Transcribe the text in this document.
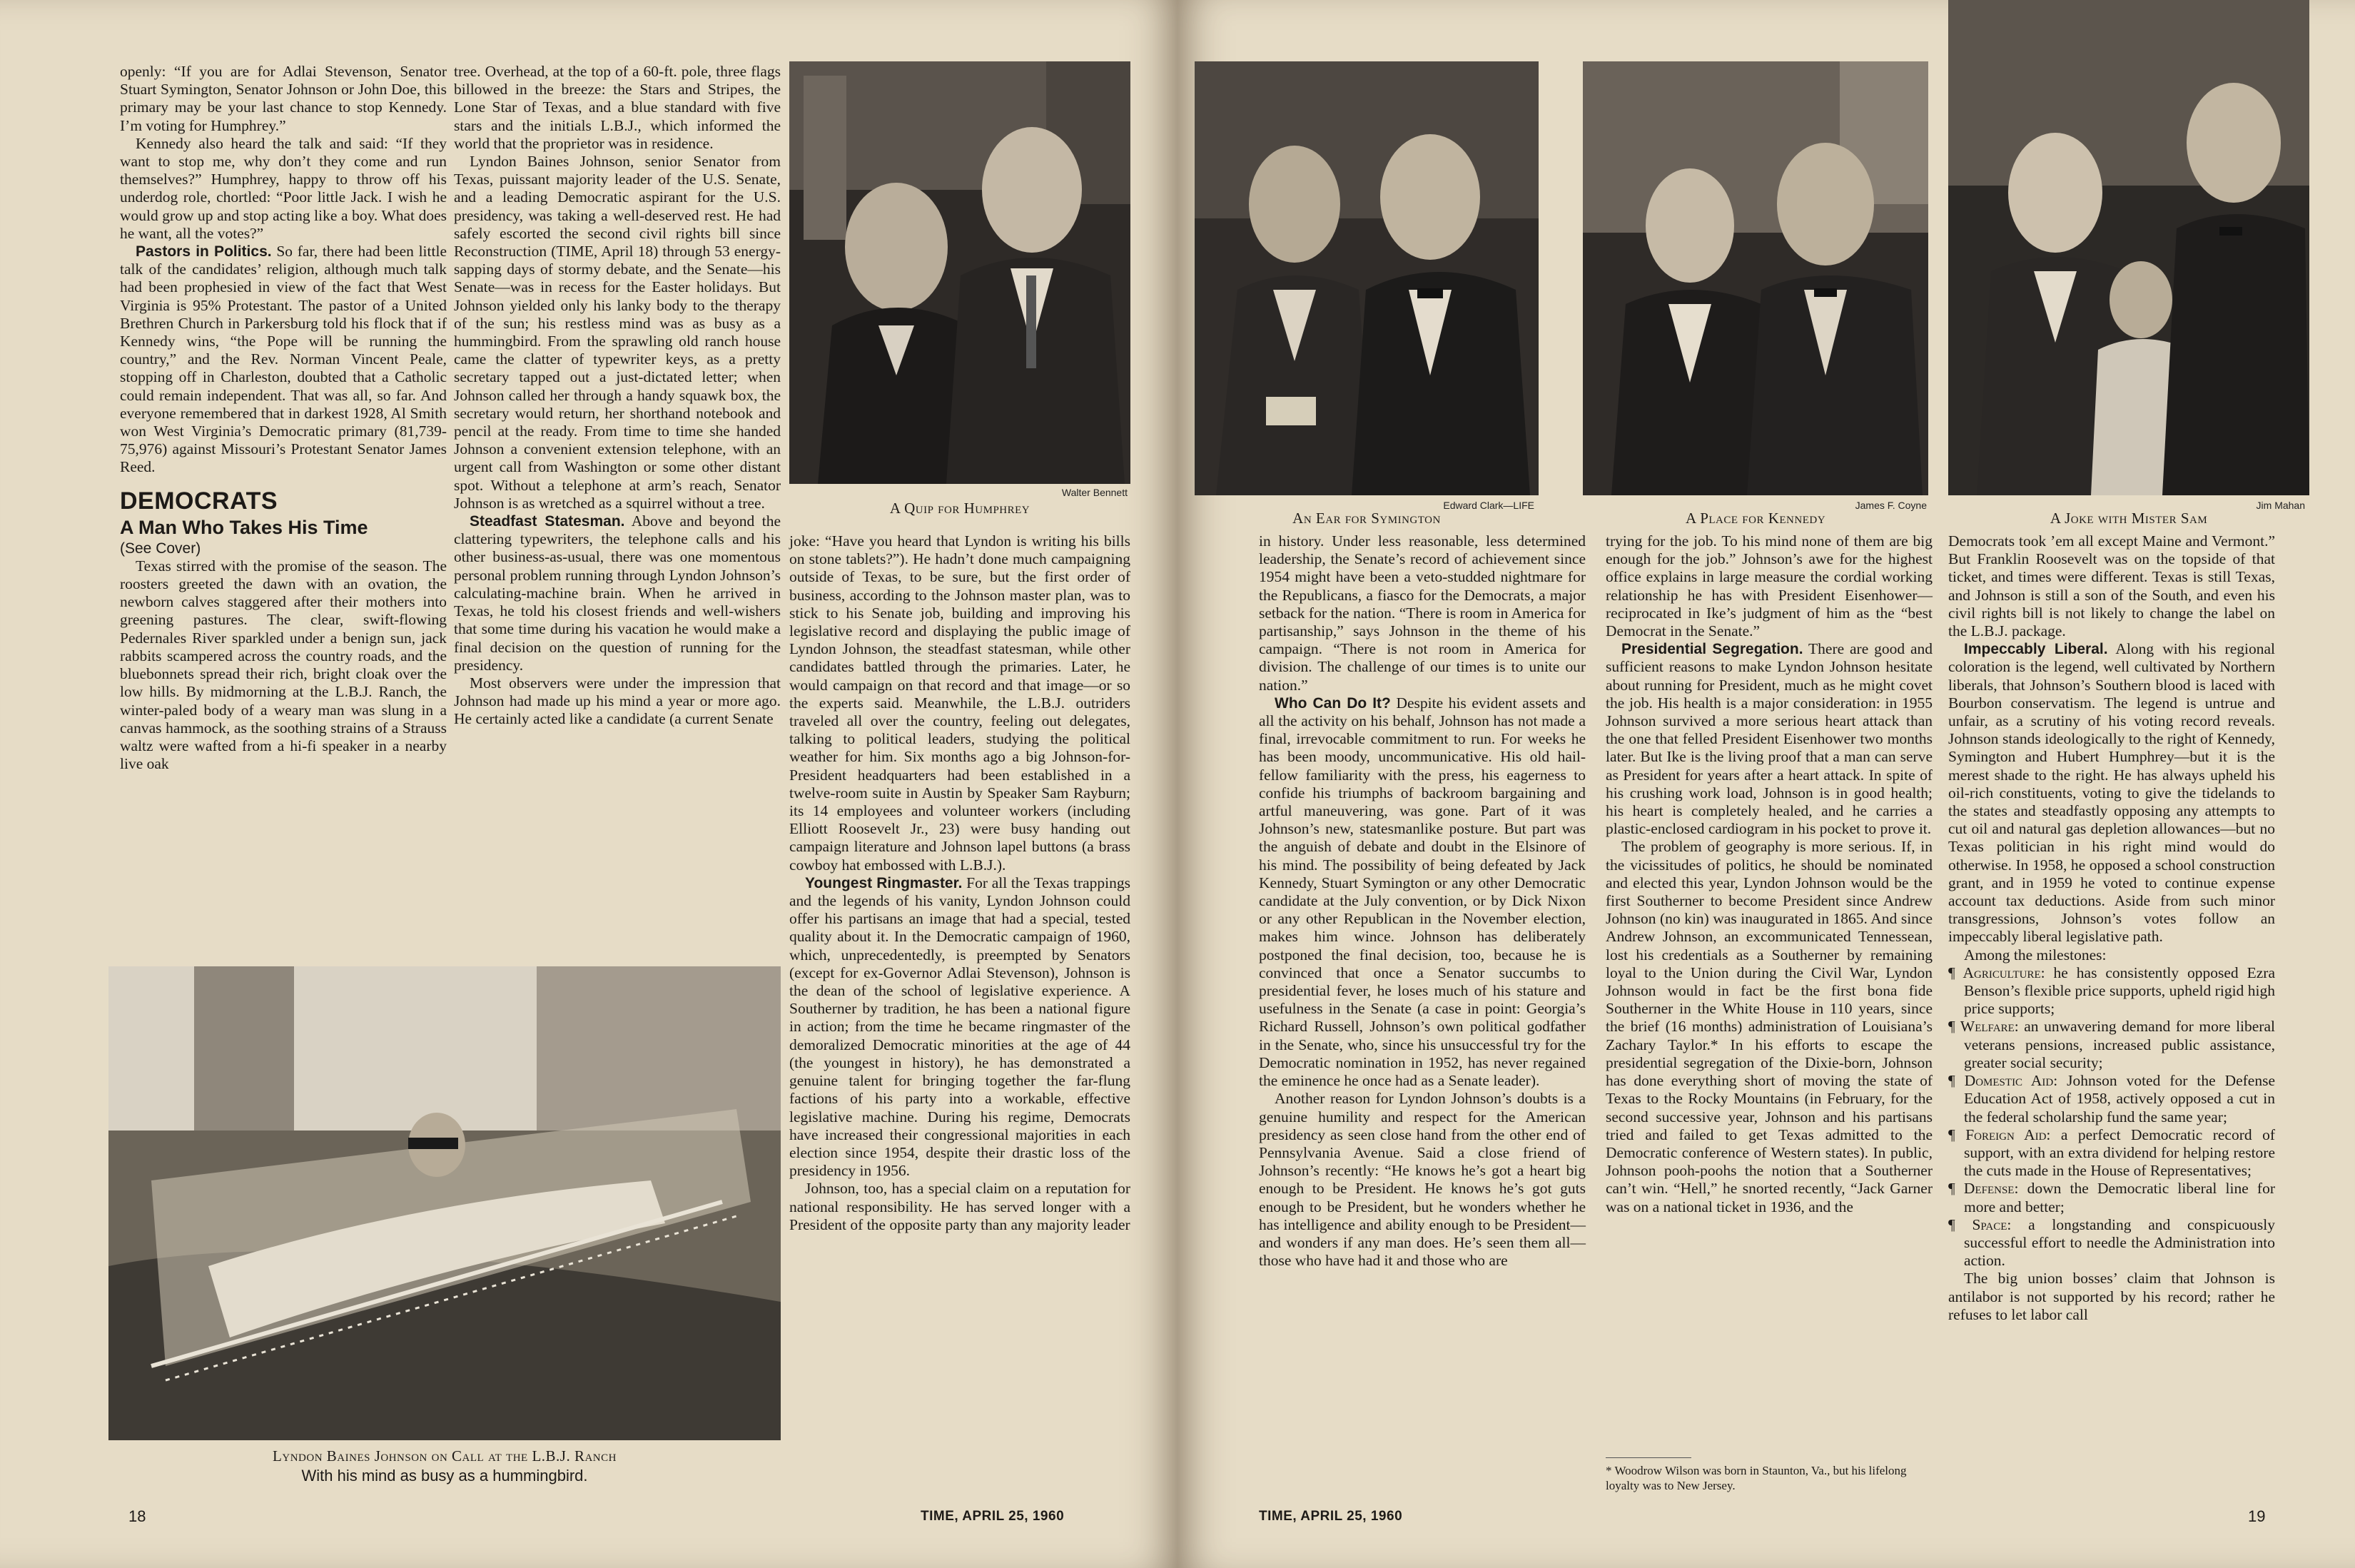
openly: “If you are for Adlai Stevenson, Senator Stuart Symington, Senator Johnson or John Doe, this primary may be your last chance to stop Kennedy. I’m voting for Humphrey.”

Kennedy also heard the talk and said: “If they want to stop me, why don’t they come and run themselves?” Humphrey, happy to throw off his underdog role, chortled: “Poor little Jack. I wish he would grow up and stop acting like a boy. What does he want, all the votes?”

Pastors in Politics. So far, there had been little talk of the candidates’ religion, although much talk had been prophesied in view of the fact that West Virginia is 95% Protestant. The pastor of a United Brethren Church in Parkersburg told his flock that if Kennedy wins, “the Pope will be running the country,” and the Rev. Norman Vincent Peale, stopping off in Charleston, doubted that a Catholic could remain independent. That was all, so far. And everyone remembered that in darkest 1928, Al Smith won West Virginia’s Democratic primary (81,739-75,976) against Missouri’s Protestant Senator James Reed.

DEMOCRATS
A Man Who Takes His Time
(See Cover)

Texas stirred with the promise of the season. The roosters greeted the dawn with an ovation, the newborn calves staggered after their mothers into greening pastures. The clear, swift-flowing Pedernales River sparkled under a benign sun, jack rabbits scampered across the country roads, and the bluebonnets spread their rich, bright cloak over the low hills. By midmorning at the L.B.J. Ranch, the winter-paled body of a weary man was slung in a canvas hammock, as the soothing strains of a Strauss waltz were wafted from a hi-fi speaker in a nearby live oak

tree. Overhead, at the top of a 60-ft. pole, three flags billowed in the breeze: the Stars and Stripes, the Lone Star of Texas, and a blue standard with five stars and the initials L.B.J., which informed the world that the proprietor was in residence.

Lyndon Baines Johnson, senior Senator from Texas, puissant majority leader of the U.S. Senate, and a leading Democratic aspirant for the U.S. presidency, was taking a well-deserved rest. He had safely escorted the second civil rights bill since Reconstruction (TIME, April 18) through 53 energy-sapping days of stormy debate, and the Senate—his Senate—was in recess for the Easter holidays. But Johnson yielded only his lanky body to the therapy of the sun; his restless mind was as busy as a hummingbird. From the sprawling old ranch house came the clatter of typewriter keys, as a pretty secretary tapped out a just-dictated letter; when Johnson called her through a handy squawk box, the secretary would return, her shorthand notebook and pencil at the ready. From time to time she handed Johnson a convenient extension telephone, with an urgent call from Washington or some other distant spot. Without a telephone at arm’s reach, Senator Johnson is as wretched as a squirrel without a tree.

Steadfast Statesman. Above and beyond the clattering typewriters, the telephone calls and his other business-as-usual, there was one momentous personal problem running through Lyndon Johnson’s calculating-machine brain. When he arrived in Texas, he told his closest friends and well-wishers that some time during his vacation he would make a final decision on the question of running for the presidency.

Most observers were under the impression that Johnson had made up his mind a year or more ago. He certainly acted like a candidate (a current Senate

Walter Bennett
A Quip for Humphrey

joke: “Have you heard that Lyndon is writing his bills on stone tablets?”). He hadn’t done much campaigning outside of Texas, to be sure, but the first order of business, according to the Johnson master plan, was to stick to his Senate job, building and improving his legislative record and displaying the public image of Lyndon Johnson, the steadfast statesman, while other candidates battled through the primaries. Later, he would campaign on that record and that image—or so the experts said. Meanwhile, the L.B.J. outriders traveled all over the country, feeling out delegates, talking to political leaders, studying the political weather for him. Six months ago a big Johnson-for-President headquarters had been established in a twelve-room suite in Austin by Speaker Sam Rayburn; its 14 employees and volunteer workers (including Elliott Roosevelt Jr., 23) were busy handing out campaign literature and Johnson lapel buttons (a brass cowboy hat embossed with L.B.J.).

Youngest Ringmaster. For all the Texas trappings and the legends of his vanity, Lyndon Johnson could offer his partisans an image that had a special, tested quality about it. In the Democratic campaign of 1960, which, unprecedentedly, is preempted by Senators (except for ex-Governor Adlai Stevenson), Johnson is the dean of the school of legislative experience. A Southerner by tradition, he has been a national figure in action; from the time he became ringmaster of the demoralized Democratic minorities at the age of 44 (the youngest in history), he has demonstrated a genuine talent for bringing together the far-flung factions of his party into a workable, effective legislative machine. During his regime, Democrats have increased their congressional majorities in each election since 1954, despite their drastic loss of the presidency in 1956.

Johnson, too, has a special claim on a reputation for national responsibility. He has served longer with a President of the opposite party than any majority leader

Lyndon Baines Johnson on Call at the L.B.J. Ranch
With his mind as busy as a hummingbird.
18	TIME, APRIL 25, 1960
Edward Clark—LIFE
An Ear for Symington
James F. Coyne
A Place for Kennedy
Jim Mahan
A Joke with Mister Sam

in history. Under less reasonable, less determined leadership, the Senate’s record of achievement since 1954 might have been a veto-studded nightmare for the Republicans, a fiasco for the Democrats, a major setback for the nation. “There is room in America for partisanship,” says Johnson in the theme of his campaign. “There is not room in America for division. The challenge of our times is to unite our nation.”

Who Can Do It? Despite his evident assets and all the activity on his behalf, Johnson has not made a final, irrevocable commitment to run. For weeks he has been moody, uncommunicative. His old hail-fellow familiarity with the press, his eagerness to confide his triumphs of backroom bargaining and artful maneuvering, was gone. Part of it was Johnson’s new, statesmanlike posture. But part was the anguish of debate and doubt in the Elsinore of his mind. The possibility of being defeated by Jack Kennedy, Stuart Symington or any other Democratic candidate at the July convention, or by Dick Nixon or any other Republican in the November election, makes him wince. Johnson has deliberately postponed the final decision, too, because he is convinced that once a Senator succumbs to presidential fever, he loses much of his stature and usefulness in the Senate (a case in point: Georgia’s Richard Russell, Johnson’s own political godfather in the Senate, who, since his unsuccessful try for the Democratic nomination in 1952, has never regained the eminence he once had as a Senate leader).

Another reason for Lyndon Johnson’s doubts is a genuine humility and respect for the American presidency as seen close hand from the other end of Pennsylvania Avenue. Said a close friend of Johnson’s recently: “He knows he’s got a heart big enough to be President. He knows he’s got guts enough to be President, but he wonders whether he has intelligence and ability enough to be President—and wonders if any man does. He’s seen them all—those who have had it and those who are

trying for the job. To his mind none of them are big enough for the job.” Johnson’s awe for the highest office explains in large measure the cordial working relationship he has with President Eisenhower—reciprocated in Ike’s judgment of him as the “best Democrat in the Senate.”

Presidential Segregation. There are good and sufficient reasons to make Lyndon Johnson hesitate about running for President, much as he might covet the job. His health is a major consideration: in 1955 Johnson survived a more serious heart attack than the one that felled President Eisenhower two months later. But Ike is the living proof that a man can serve as President for years after a heart attack. In spite of his crushing work load, Johnson is in good health; his heart is completely healed, and he carries a plastic-enclosed cardiogram in his pocket to prove it.

The problem of geography is more serious. If, in the vicissitudes of politics, he should be nominated and elected this year, Lyndon Johnson would be the first Southerner to become President since Andrew Johnson (no kin) was inaugurated in 1865. And since Andrew Johnson, an excommunicated Tennessean, lost his credentials as a Southerner by remaining loyal to the Union during the Civil War, Lyndon Johnson would in fact be the first bona fide Southerner in the White House in 110 years, since the brief (16 months) administration of Louisiana’s Zachary Taylor.* In his efforts to escape the presidential segregation of the Dixie-born, Johnson has done everything short of moving the state of Texas to the Rocky Mountains (in February, for the second successive year, Johnson and his partisans tried and failed to get Texas admitted to the Democratic conference of Western states). In public, Johnson pooh-poohs the notion that a Southerner can’t win. “Hell,” he snorted recently, “Jack Garner was on a national ticket in 1936, and the

* Woodrow Wilson was born in Staunton, Va., but his lifelong loyalty was to New Jersey.

Democrats took ’em all except Maine and Vermont.” But Franklin Roosevelt was on the topside of that ticket, and times were different. Texas is still Texas, and Johnson is still a son of the South, and even his civil rights bill is not likely to change the label on the L.B.J. package.

Impeccably Liberal. Along with his regional coloration is the legend, well cultivated by Northern liberals, that Johnson’s Southern blood is laced with Bourbon conservatism. The legend is untrue and unfair, as a scrutiny of his voting record reveals. Johnson stands ideologically to the right of Kennedy, Symington and Hubert Humphrey—but it is the merest shade to the right. He has always upheld his oil-rich constituents, voting to give the tidelands to the states and steadfastly opposing any attempts to cut oil and natural gas depletion allowances—but no Texas politician in his right mind would do otherwise. In 1958, he opposed a school construction grant, and in 1959 he voted to continue expense account tax deductions. Aside from such minor transgressions, Johnson’s votes follow an impeccably liberal legislative path.

Among the milestones:

¶ Agriculture: he has consistently opposed Ezra Benson’s flexible price supports, upheld rigid high price supports;

¶ Welfare: an unwavering demand for more liberal veterans pensions, increased public assistance, greater social security;

¶ Domestic Aid: Johnson voted for the Defense Education Act of 1958, actively opposed a cut in the federal scholarship fund the same year;

¶ Foreign Aid: a perfect Democratic record of support, with an extra dividend for helping restore the cuts made in the House of Representatives;

¶ Defense: down the Democratic liberal line for more and better;

¶ Space: a longstanding and conspicuously successful effort to needle the Administration into action.

The big union bosses’ claim that Johnson is antilabor is not supported by his record; rather he refuses to let labor call

TIME, APRIL 25, 1960	19
